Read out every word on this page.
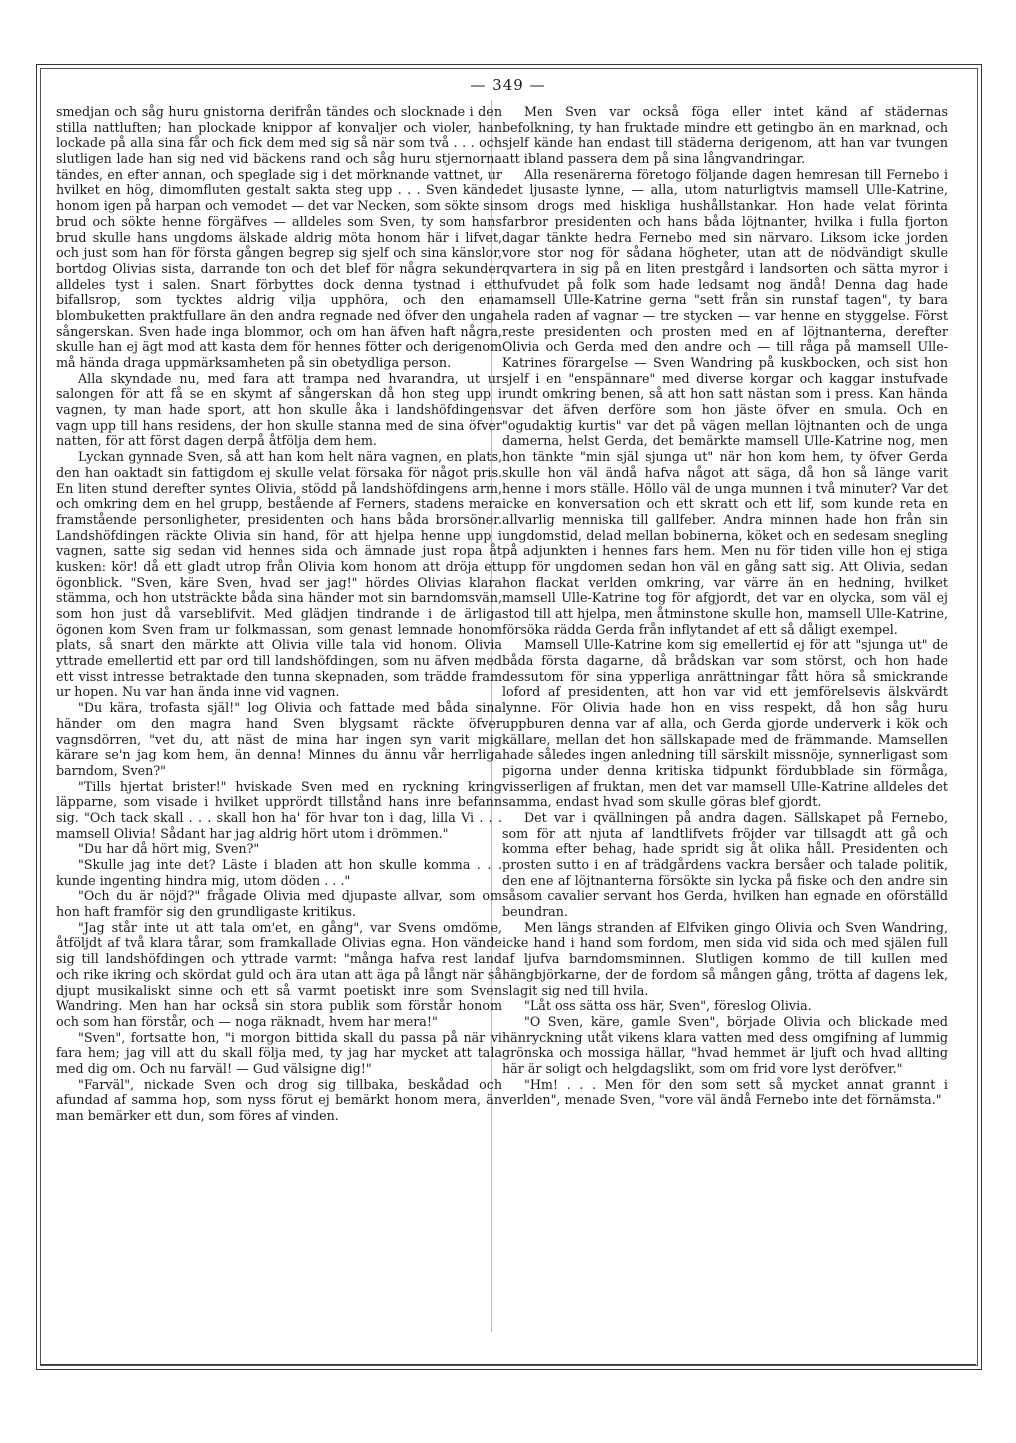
— 349 —

smedjan och såg huru gnistorna derifrån tändes och slocknade i den stilla nattluften; han plockade knippor af konvaljer och violer, han lockade på alla sina får och fick dem med sig så när som två . . . och slutligen lade han sig ned vid bäckens rand och såg huru stjernorna tändes, en efter annan, och speglade sig i det mörknande vattnet, ur hvilket en hög, dimomfluten gestalt sakta steg upp . . . Sven kände honom igen på harpan och vemodet — det var Necken, som sökte sin brud och sökte henne förgäfves — alldeles som Sven, ty som hans brud skulle hans ungdoms älskade aldrig möta honom här i lifvet, och just som han för första gången begrep sig sjelf och sina känslor, bortdog Olivias sista, darrande ton och det blef för några sekunder alldeles tyst i salen. Snart förbyttes dock denna tystnad i ett bifallsrop, som tycktes aldrig vilja upphöra, och den ena blombuketten praktfullare än den andra regnade ned öfver den unga sångerskan. Sven hade inga blommor, och om han äfven haft några, skulle han ej ägt mod att kasta dem för hennes fötter och derigenom må hända draga uppmärksamheten på sin obetydliga person.

Alla skyndade nu, med fara att trampa ned hvarandra, ut ur salongen för att få se en skymt af sångerskan då hon steg upp i vagnen, ty man hade sport, att hon skulle åka i landshöfdingens vagn upp till hans residens, der hon skulle stanna med de sina öfver natten, för att först dagen derpå åtfölja dem hem.

Lyckan gynnade Sven, så att han kom helt nära vagnen, en plats, den han oaktadt sin fattigdom ej skulle velat försaka för något pris. En liten stund derefter syntes Olivia, stödd på landshöfdingens arm, och omkring dem en hel grupp, bestående af Ferners, stadens mera framstående personligheter, presidenten och hans båda brorsöner. Landshöfdingen räckte Olivia sin hand, för att hjelpa henne upp i vagnen, satte sig sedan vid hennes sida och ämnade just ropa åt kusken: kör! då ett gladt utrop från Olivia kom honom att dröja ett ögonblick. "Sven, käre Sven, hvad ser jag!" hördes Olivias klara stämma, och hon utsträckte båda sina händer mot sin barndomsvän, som hon just då varseblifvit. Med glädjen tindrande i de ärliga ögonen kom Sven fram ur folkmassan, som genast lemnade honom plats, så snart den märkte att Olivia ville tala vid honom. Olivia yttrade emellertid ett par ord till landshöfdingen, som nu äfven med ett visst intresse betraktade den tunna skepnaden, som trädde fram ur hopen. Nu var han ända inne vid vagnen.

"Du kära, trofasta själ!" log Olivia och fattade med båda sina händer om den magra hand Sven blygsamt räckte öfver vagnsdörren, "vet du, att näst de mina har ingen syn varit mig kärare se'n jag kom hem, än denna! Minnes du ännu vår herrliga barndom, Sven?"

"Tills hjertat brister!" hviskade Sven med en ryckning kring läpparne, som visade i hvilket upprördt tillstånd hans inre befann sig. "Och tack skall . . . skall hon ha' för hvar ton i dag, lilla Vi . . . mamsell Olivia! Sådant har jag aldrig hört utom i drömmen."

"Du har då hört mig, Sven?"

"Skulle jag inte det? Läste i bladen att hon skulle komma . . . kunde ingenting hindra mig, utom döden . . ."

"Och du är nöjd?" frågade Olivia med djupaste allvar, som om hon haft framför sig den grundligaste kritikus.

"Jag står inte ut att tala om'et, en gång", var Svens omdöme, åtföljdt af två klara tårar, som framkallade Olivias egna. Hon vände sig till landshöfdingen och yttrade varmt: "många hafva rest land och rike ikring och skördat guld och ära utan att äga på långt när så djupt musikaliskt sinne och ett så varmt poetiskt inre som Sven Wandring. Men han har också sin stora publik som förstår honom och som han förstår, och — noga räknadt, hvem har mera!"

"Sven", fortsatte hon, "i morgon bittida skall du passa på när vi fara hem; jag vill att du skall följa med, ty jag har mycket att tala med dig om. Och nu farväl! — Gud välsigne dig!"

"Farväl", nickade Sven och drog sig tillbaka, beskådad och afundad af samma hop, som nyss förut ej bemärkt honom mera, än man bemärker ett dun, som föres af vinden.

Men Sven var också föga eller intet känd af städernas befolkning, ty han fruktade mindre ett getingbo än en marknad, och sjelf kände han endast till städerna derigenom, att han var tvungen att ibland passera dem på sina långvandringar.

Alla resenärerna företogo följande dagen hemresan till Fernebo i det ljusaste lynne, — alla, utom naturligtvis mamsell Ulle-Katrine, som drogs med hiskliga hushållstankar. Hon hade velat förinta farbror presidenten och hans båda löjtnanter, hvilka i fulla fjorton dagar tänkte hedra Fernebo med sin närvaro. Liksom icke jorden vore stor nog för sådana högheter, utan att de nödvändigt skulle qvartera in sig på en liten prestgård i landsorten och sätta myror i hufvudet på folk som hade ledsamt nog ändå! Denna dag hade mamsell Ulle-Katrine gerna "sett från sin runstaf tagen", ty bara hela raden af vagnar — tre stycken — var henne en styggelse. Först reste presidenten och prosten med en af löjtnanterna, derefter Olivia och Gerda med den andre och — till råga på mamsell Ulle-Katrines förargelse — Sven Wandring på kuskbocken, och sist hon sjelf i en "enspännare" med diverse korgar och kaggar instufvade rundt omkring benen, så att hon satt nästan som i press. Kan hända var det äfven derföre som hon jäste öfver en smula. Och en "ogudaktig kurtis" var det på vägen mellan löjtnanten och de unga damerna, helst Gerda, det bemärkte mamsell Ulle-Katrine nog, men hon tänkte "min själ sjunga ut" när hon kom hem, ty öfver Gerda skulle hon väl ändå hafva något att säga, då hon så länge varit henne i mors ställe. Höllo väl de unga munnen i två minuter? Var det icke en konversation och ett skratt och ett lif, som kunde reta en allvarlig menniska till gallfeber. Andra minnen hade hon från sin ungdomstid, delad mellan bobinerna, köket och en sedesam snegling på adjunkten i hennes fars hem. Men nu för tiden ville hon ej stiga upp för ungdomen sedan hon väl en gång satt sig. Att Olivia, sedan hon flackat verlden omkring, var värre än en hedning, hvilket mamsell Ulle-Katrine tog för afgjordt, det var en olycka, som väl ej stod till att hjelpa, men åtminstone skulle hon, mamsell Ulle-Katrine, försöka rädda Gerda från inflytandet af ett så dåligt exempel.

Mamsell Ulle-Katrine kom sig emellertid ej för att "sjunga ut" de båda första dagarne, då brådskan var som störst, och hon hade dessutom för sina ypperliga anrättningar fått höra så smickrande loford af presidenten, att hon var vid ett jemförelsevis älskvärdt lynne. För Olivia hade hon en viss respekt, då hon såg huru uppburen denna var af alla, och Gerda gjorde underverk i kök och källare, mellan det hon sällskapade med de främmande. Mamsellen hade således ingen anledning till särskilt missnöje, synnerligast som pigorna under denna kritiska tidpunkt fördubblade sin förmåga, visserligen af fruktan, men det var mamsell Ulle-Katrine alldeles det samma, endast hvad som skulle göras blef gjordt.

Det var i qvällningen på andra dagen. Sällskapet på Fernebo, som för att njuta af landtlifvets fröjder var tillsagdt att gå och komma efter behag, hade spridt sig åt olika håll. Presidenten och prosten sutto i en af trädgårdens vackra bersåer och talade politik, den ene af löjtnanterna försökte sin lycka på fiske och den andre sin såsom cavalier servant hos Gerda, hvilken han egnade en oförställd beundran.

Men längs stranden af Elfviken gingo Olivia och Sven Wandring, icke hand i hand som fordom, men sida vid sida och med själen full af ljufva barndomsminnen. Slutligen kommo de till kullen med hängbjörkarne, der de fordom så mången gång, trötta af dagens lek, slagit sig ned till hvila.

"Låt oss sätta oss här, Sven", föreslog Olivia.

"O Sven, käre, gamle Sven", började Olivia och blickade med hänryckning utåt vikens klara vatten med dess omgifning af lummig grönska och mossiga hällar, "hvad hemmet är ljuft och hvad allting här är soligt och helgdagslikt, som om frid vore lyst deröfver."

"Hm! . . . Men för den som sett så mycket annat grannt i verlden", menade Sven, "vore väl ändå Fernebo inte det förnämsta."
